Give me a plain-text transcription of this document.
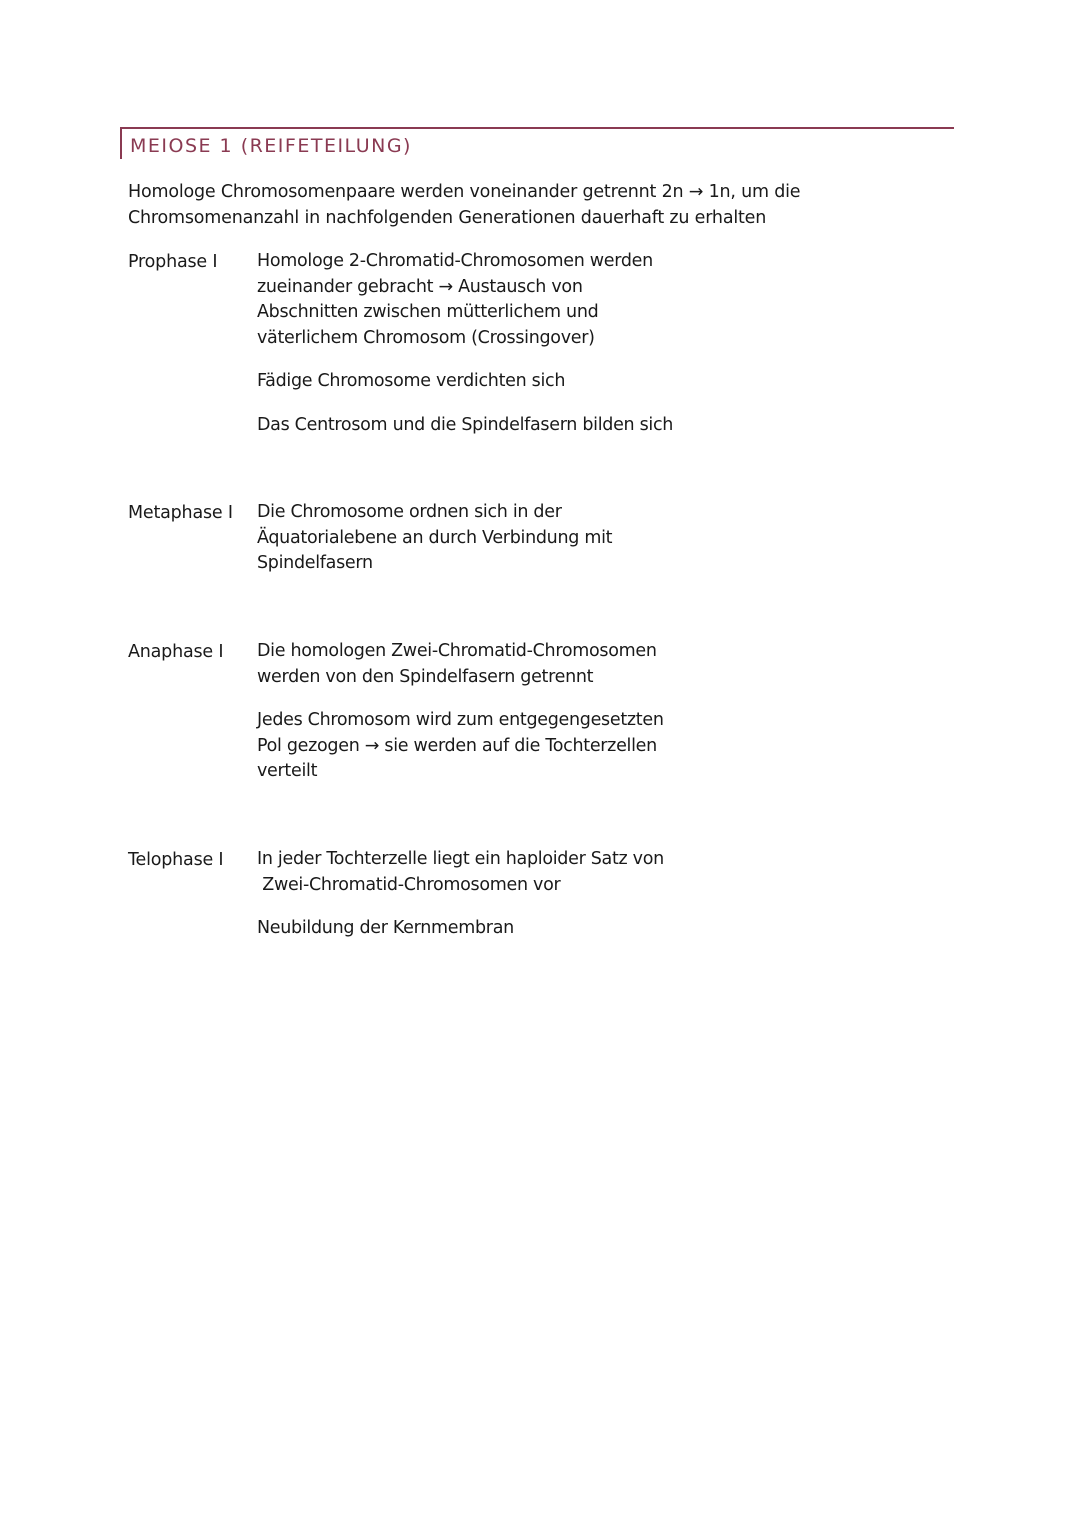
MEIOSE 1 (REIFETEILUNG)

Homologe Chromosomenpaare werden voneinander getrennt 2n → 1n, um die

Chromsomenanzahl in nachfolgenden Generationen dauerhaft zu erhalten

Prophase I Homologe 2-Chromatid-Chromosomen werden

zueinander gebracht → Austausch von

Abschnitten zwischen mütterlichem und

väterlichem Chromosom (Crossingover)

Fädige Chromosome verdichten sich

Das Centrosom und die Spindelfasern bilden sich

Metaphase I Die Chromosome ordnen sich in der

Äquatorialebene an durch Verbindung mit

Spindelfasern

Anaphase I Die homologen Zwei-Chromatid-Chromosomen

werden von den Spindelfasern getrennt

Jedes Chromosom wird zum entgegengesetzten

Pol gezogen → sie werden auf die Tochterzellen

verteilt

Telophase I In jeder Tochterzelle liegt ein haploider Satz von

Zwei-Chromatid-Chromosomen vor

Neubildung der Kernmembran
